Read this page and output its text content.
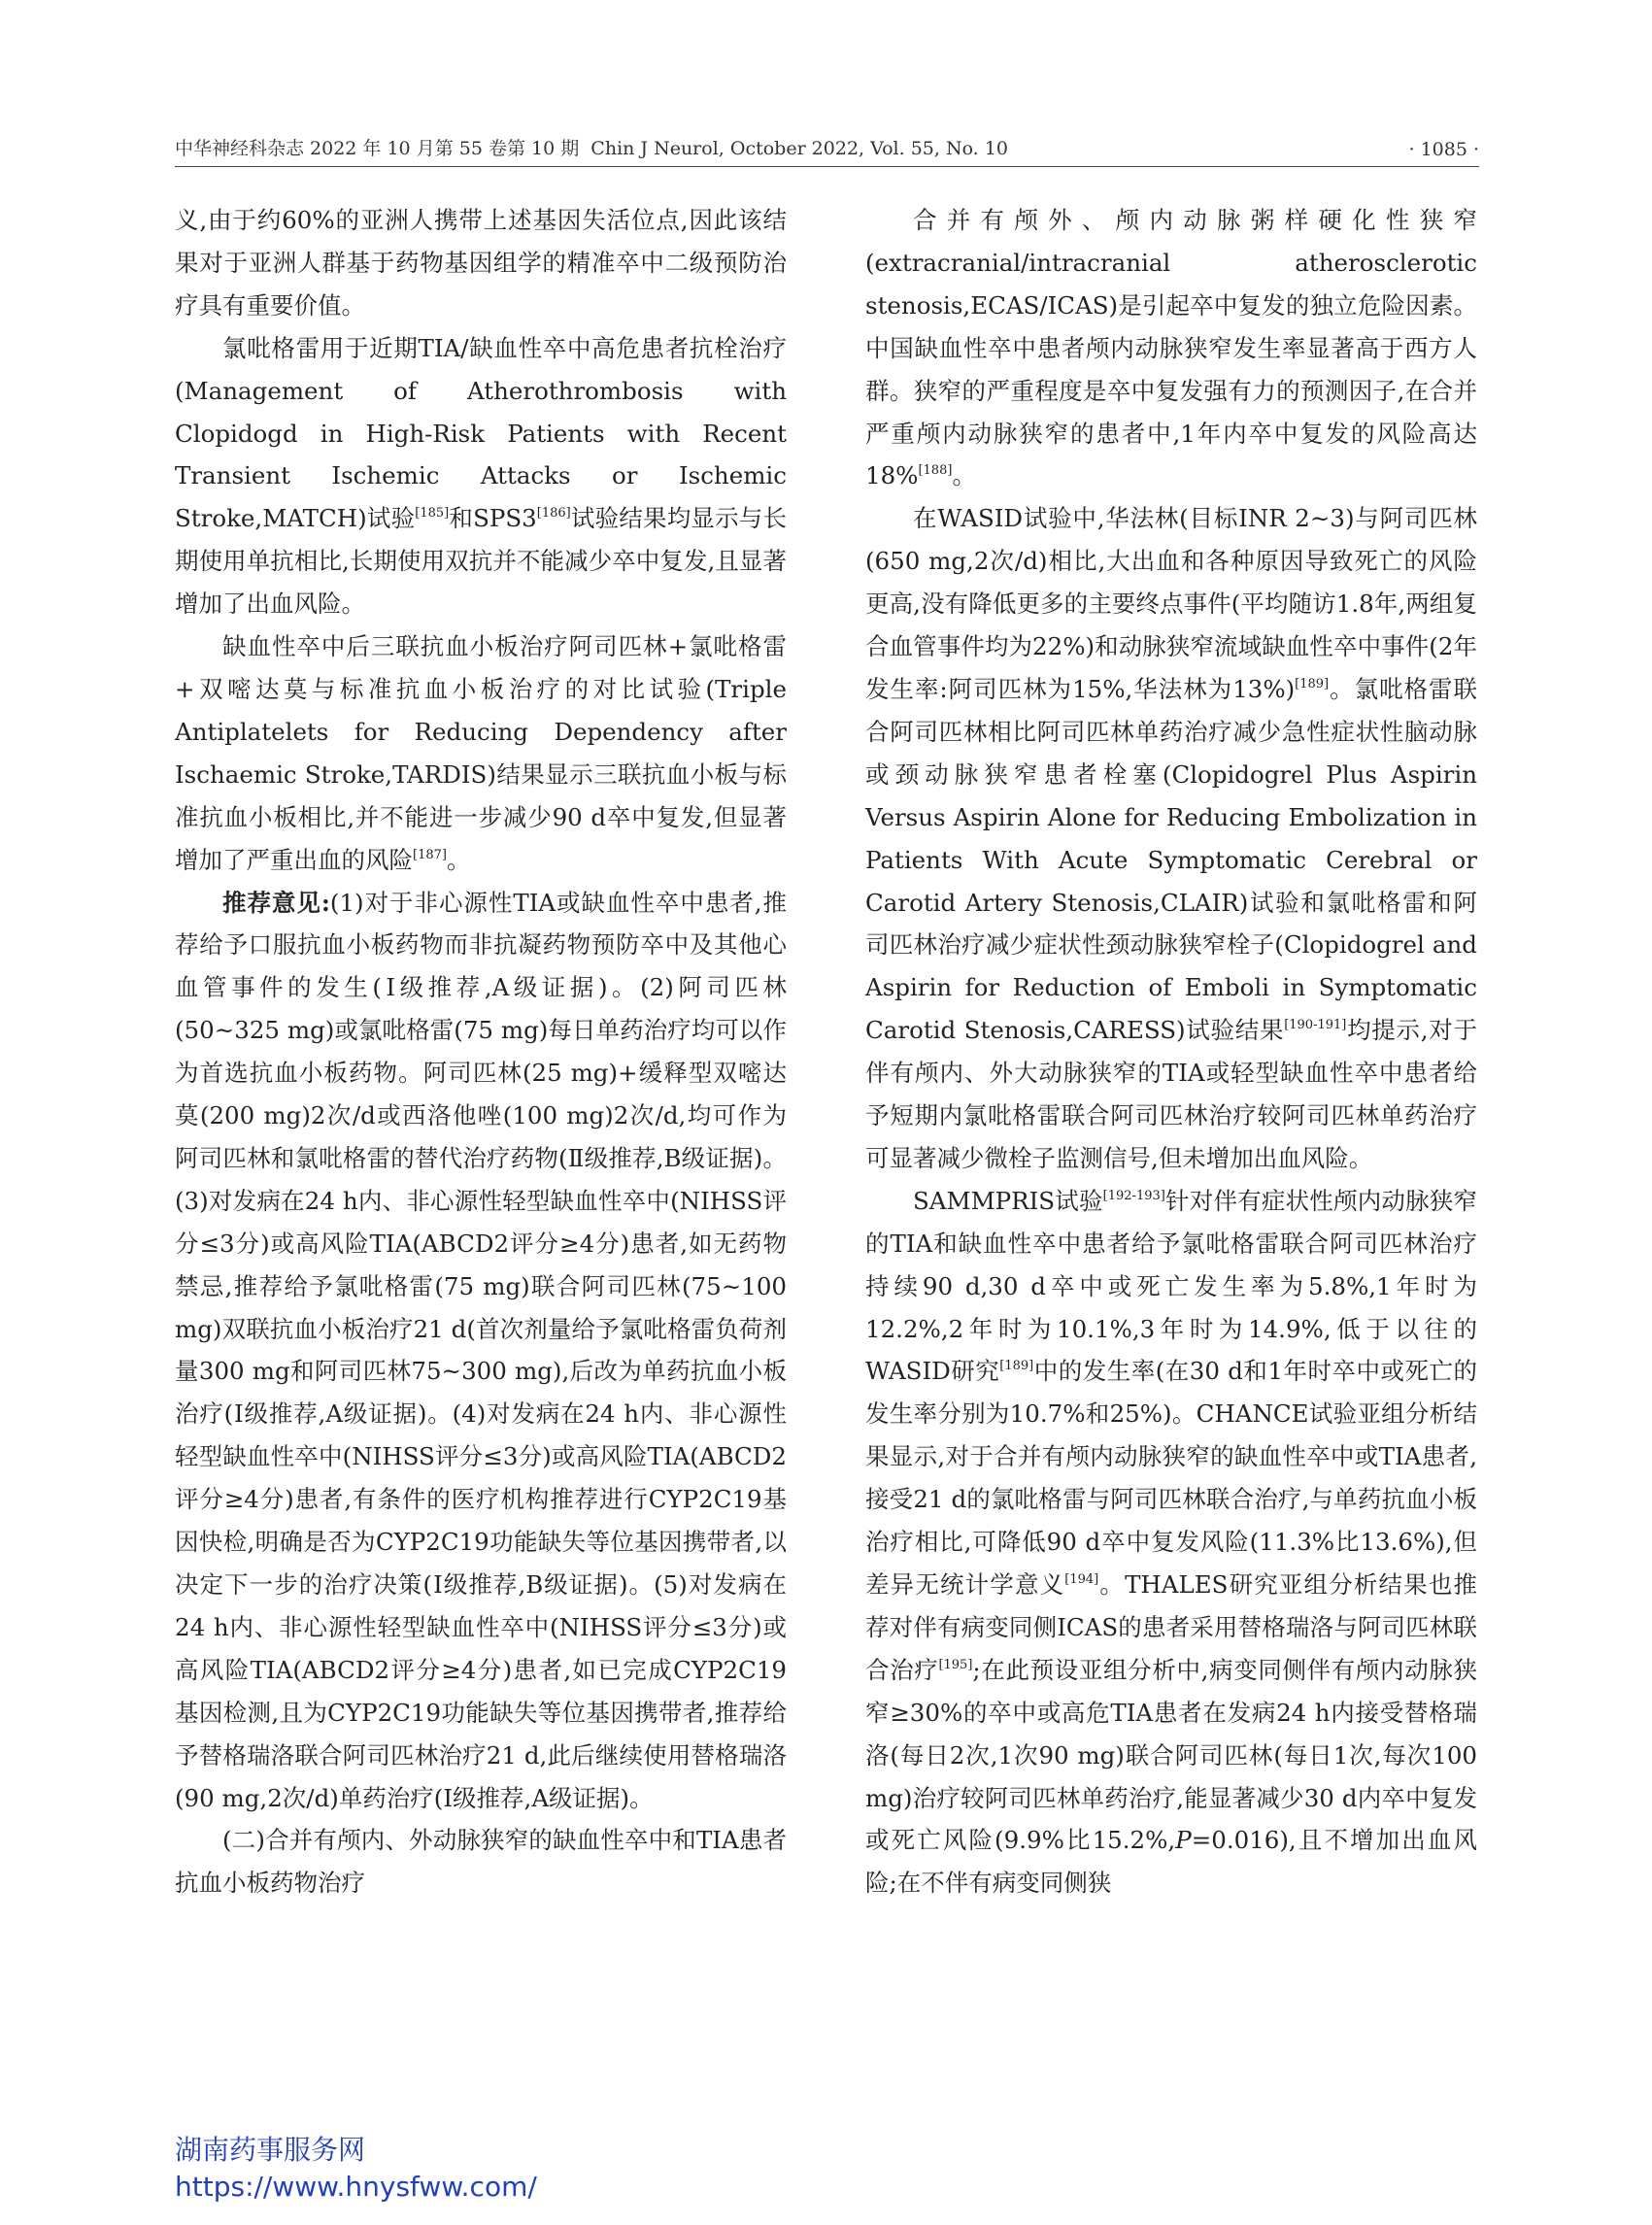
中华神经科杂志 2022 年 10 月第 55 卷第 10 期 Chin J Neurol, October 2022, Vol. 55, No. 10	· 1085 ·

义,由于约60%的亚洲人携带上述基因失活位点,因此该结果对于亚洲人群基于药物基因组学的精准卒中二级预防治疗具有重要价值。

氯吡格雷用于近期TIA/缺血性卒中高危患者抗栓治疗(Management of Atherothrombosis with Clopidogd in High-Risk Patients with Recent Transient Ischemic Attacks or Ischemic Stroke,MATCH)试验[185]和SPS3[186]试验结果均显示与长期使用单抗相比,长期使用双抗并不能减少卒中复发,且显著增加了出血风险。

缺血性卒中后三联抗血小板治疗阿司匹林+氯吡格雷+双嘧达莫与标准抗血小板治疗的对比试验(Triple Antiplatelets for Reducing Dependency after Ischaemic Stroke,TARDIS)结果显示三联抗血小板与标准抗血小板相比,并不能进一步减少90 d卒中复发,但显著增加了严重出血的风险[187]。

推荐意见:(1)对于非心源性TIA或缺血性卒中患者,推荐给予口服抗血小板药物而非抗凝药物预防卒中及其他心血管事件的发生(Ⅰ级推荐,A级证据)。(2)阿司匹林(50~325 mg)或氯吡格雷(75 mg)每日单药治疗均可以作为首选抗血小板药物。阿司匹林(25 mg)+缓释型双嘧达莫(200 mg)2次/d或西洛他唑(100 mg)2次/d,均可作为阿司匹林和氯吡格雷的替代治疗药物(Ⅱ级推荐,B级证据)。(3)对发病在24 h内、非心源性轻型缺血性卒中(NIHSS评分≤3分)或高风险TIA(ABCD2评分≥4分)患者,如无药物禁忌,推荐给予氯吡格雷(75 mg)联合阿司匹林(75~100 mg)双联抗血小板治疗21 d(首次剂量给予氯吡格雷负荷剂量300 mg和阿司匹林75~300 mg),后改为单药抗血小板治疗(Ⅰ级推荐,A级证据)。(4)对发病在24 h内、非心源性轻型缺血性卒中(NIHSS评分≤3分)或高风险TIA(ABCD2评分≥4分)患者,有条件的医疗机构推荐进行CYP2C19基因快检,明确是否为CYP2C19功能缺失等位基因携带者,以决定下一步的治疗决策(Ⅰ级推荐,B级证据)。(5)对发病在24 h内、非心源性轻型缺血性卒中(NIHSS评分≤3分)或高风险TIA(ABCD2评分≥4分)患者,如已完成CYP2C19基因检测,且为CYP2C19功能缺失等位基因携带者,推荐给予替格瑞洛联合阿司匹林治疗21 d,此后继续使用替格瑞洛(90 mg,2次/d)单药治疗(Ⅰ级推荐,A级证据)。

(二)合并有颅内、外动脉狭窄的缺血性卒中和TIA患者抗血小板药物治疗

合并有颅外、颅内动脉粥样硬化性狭窄(extracranial/intracranial atherosclerotic stenosis,ECAS/ICAS)是引起卒中复发的独立危险因素。中国缺血性卒中患者颅内动脉狭窄发生率显著高于西方人群。狭窄的严重程度是卒中复发强有力的预测因子,在合并严重颅内动脉狭窄的患者中,1年内卒中复发的风险高达18%[188]。

在WASID试验中,华法林(目标INR 2~3)与阿司匹林(650 mg,2次/d)相比,大出血和各种原因导致死亡的风险更高,没有降低更多的主要终点事件(平均随访1.8年,两组复合血管事件均为22%)和动脉狭窄流域缺血性卒中事件(2年发生率:阿司匹林为15%,华法林为13%)[189]。氯吡格雷联合阿司匹林相比阿司匹林单药治疗减少急性症状性脑动脉或颈动脉狭窄患者栓塞(Clopidogrel Plus Aspirin Versus Aspirin Alone for Reducing Embolization in Patients With Acute Symptomatic Cerebral or Carotid Artery Stenosis,CLAIR)试验和氯吡格雷和阿司匹林治疗减少症状性颈动脉狭窄栓子(Clopidogrel and Aspirin for Reduction of Emboli in Symptomatic Carotid Stenosis,CARESS)试验结果[190-191]均提示,对于伴有颅内、外大动脉狭窄的TIA或轻型缺血性卒中患者给予短期内氯吡格雷联合阿司匹林治疗较阿司匹林单药治疗可显著减少微栓子监测信号,但未增加出血风险。

SAMMPRIS试验[192-193]针对伴有症状性颅内动脉狭窄的TIA和缺血性卒中患者给予氯吡格雷联合阿司匹林治疗持续90 d,30 d卒中或死亡发生率为5.8%,1年时为12.2%,2年时为10.1%,3年时为14.9%,低于以往的WASID研究[189]中的发生率(在30 d和1年时卒中或死亡的发生率分别为10.7%和25%)。CHANCE试验亚组分析结果显示,对于合并有颅内动脉狭窄的缺血性卒中或TIA患者,接受21 d的氯吡格雷与阿司匹林联合治疗,与单药抗血小板治疗相比,可降低90 d卒中复发风险(11.3%比13.6%),但差异无统计学意义[194]。THALES研究亚组分析结果也推荐对伴有病变同侧ICAS的患者采用替格瑞洛与阿司匹林联合治疗[195];在此预设亚组分析中,病变同侧伴有颅内动脉狭窄≥30%的卒中或高危TIA患者在发病24 h内接受替格瑞洛(每日2次,1次90 mg)联合阿司匹林(每日1次,每次100 mg)治疗较阿司匹林单药治疗,能显著减少30 d内卒中复发或死亡风险(9.9%比15.2%,P=0.016),且不增加出血风险;在不伴有病变同侧狭

湖南药事服务网
https://www.hnysfww.com/
